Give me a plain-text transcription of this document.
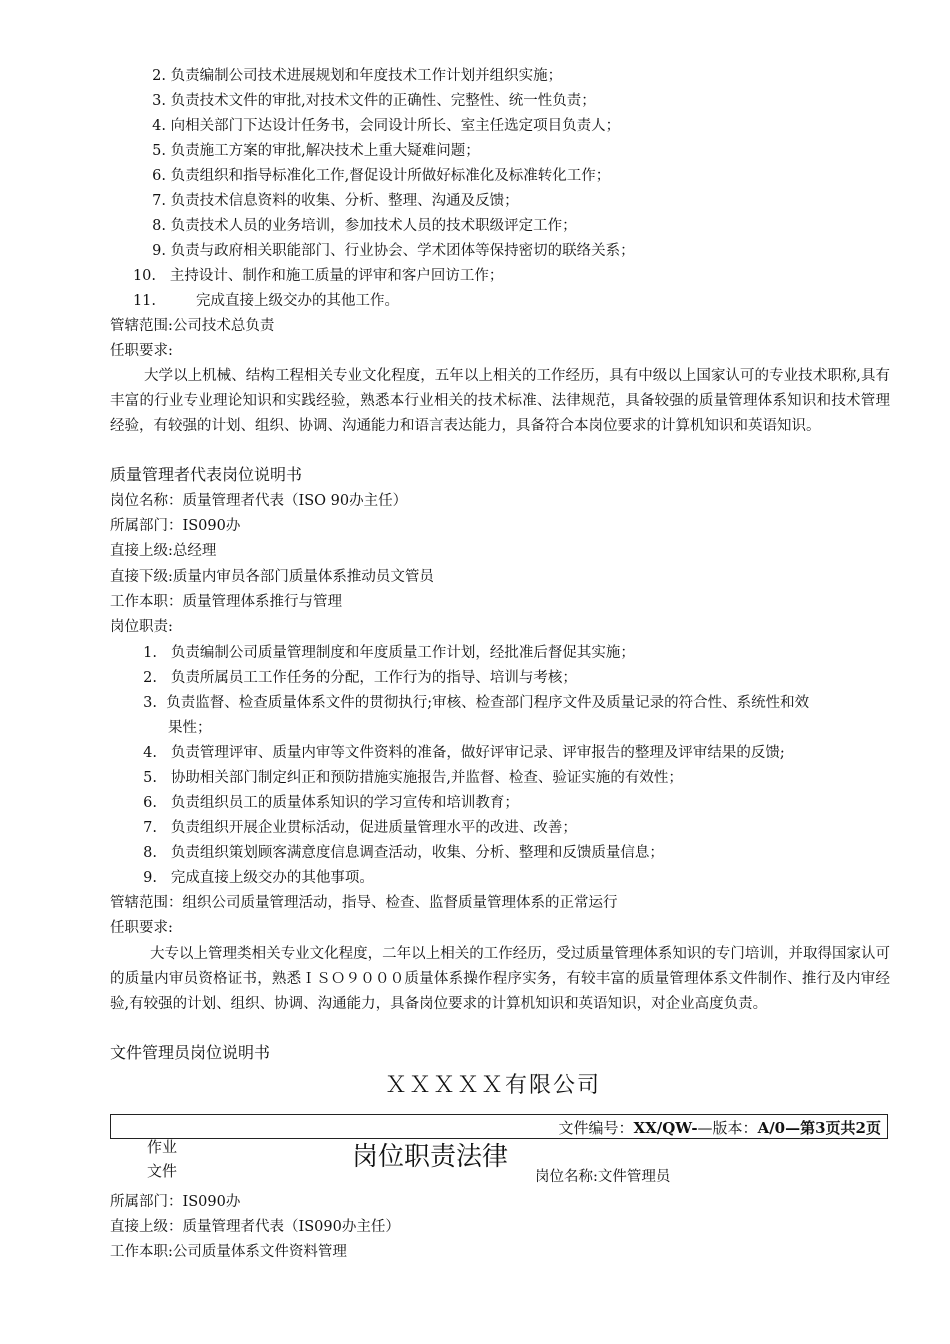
2. 负责编制公司技术进展规划和年度技术工作计划并组织实施；
3. 负责技术文件的审批,对技术文件的正确性、完整性、统一性负责；
4. 向相关部门下达设计任务书，会同设计所长、室主任选定项目负责人；
5. 负责施工方案的审批,解决技术上重大疑难问题；
6. 负责组织和指导标准化工作,督促设计所做好标准化及标准转化工作；
7. 负责技术信息资料的收集、分析、整理、沟通及反馈；
8. 负责技术人员的业务培训，参加技术人员的技术职级评定工作；
9. 负责与政府相关职能部门、行业协会、学术团体等保持密切的联络关系；
10. 主持设计、制作和施工质量的评审和客户回访工作；
11.	完成直接上级交办的其他工作。
管辖范围:公司技术总负责
任职要求:
大学以上机械、结构工程相关专业文化程度，五年以上相关的工作经历，具有中级以上国家认可的专业技术职称,具有丰富的行业专业理论知识和实践经验，熟悉本行业相关的技术标准、法律规范，具备较强的质量管理体系知识和技术管理经验，有较强的计划、组织、协调、沟通能力和语言表达能力，具备符合本岗位要求的计算机知识和英语知识。
质量管理者代表岗位说明书
岗位名称：质量管理者代表（ISO 90办主任）
所属部门：IS090办
直接上级:总经理
直接下级:质量内审员各部门质量体系推动员文管员
工作本职：质量管理体系推行与管理
岗位职责:
1. 负责编制公司质量管理制度和年度质量工作计划，经批准后督促其实施；
2. 负责所属员工工作任务的分配，工作行为的指导、培训与考核；
3. 负责监督、检查质量体系文件的贯彻执行;审核、检查部门程序文件及质量记录的符合性、系统性和效
果性；
4. 负责管理评审、质量内审等文件资料的准备，做好评审记录、评审报告的整理及评审结果的反馈;
5. 协助相关部门制定纠正和预防措施实施报告,并监督、检查、验证实施的有效性；
6. 负责组织员工的质量体系知识的学习宣传和培训教育；
7. 负责组织开展企业贯标活动，促进质量管理水平的改进、改善；
8. 负责组织策划顾客满意度信息调查活动，收集、分析、整理和反馈质量信息；
9. 完成直接上级交办的其他事项。
管辖范围：组织公司质量管理活动，指导、检查、监督质量管理体系的正常运行
任职要求:
大专以上管理类相关专业文化程度，二年以上相关的工作经历，受过质量管理体系知识的专门培训，并取得国家认可的质量内审员资格证书，熟悉ＩＳＯ９０００质量体系操作程序实务，有较丰富的质量管理体系文件制作、推行及内审经验,有较强的计划、组织、协调、沟通能力，具备岗位要求的计算机知识和英语知识，对企业高度负责。
文件管理员岗位说明书
ＸＸＸＸＸ有限公司
文件编号：XX/QW-—版本：A/0—第3页共2页
作业
文件	岗位职责法律
岗位名称:文件管理员
所属部门：IS090办
直接上级：质量管理者代表（IS090办主任）
工作本职:公司质量体系文件资料管理
